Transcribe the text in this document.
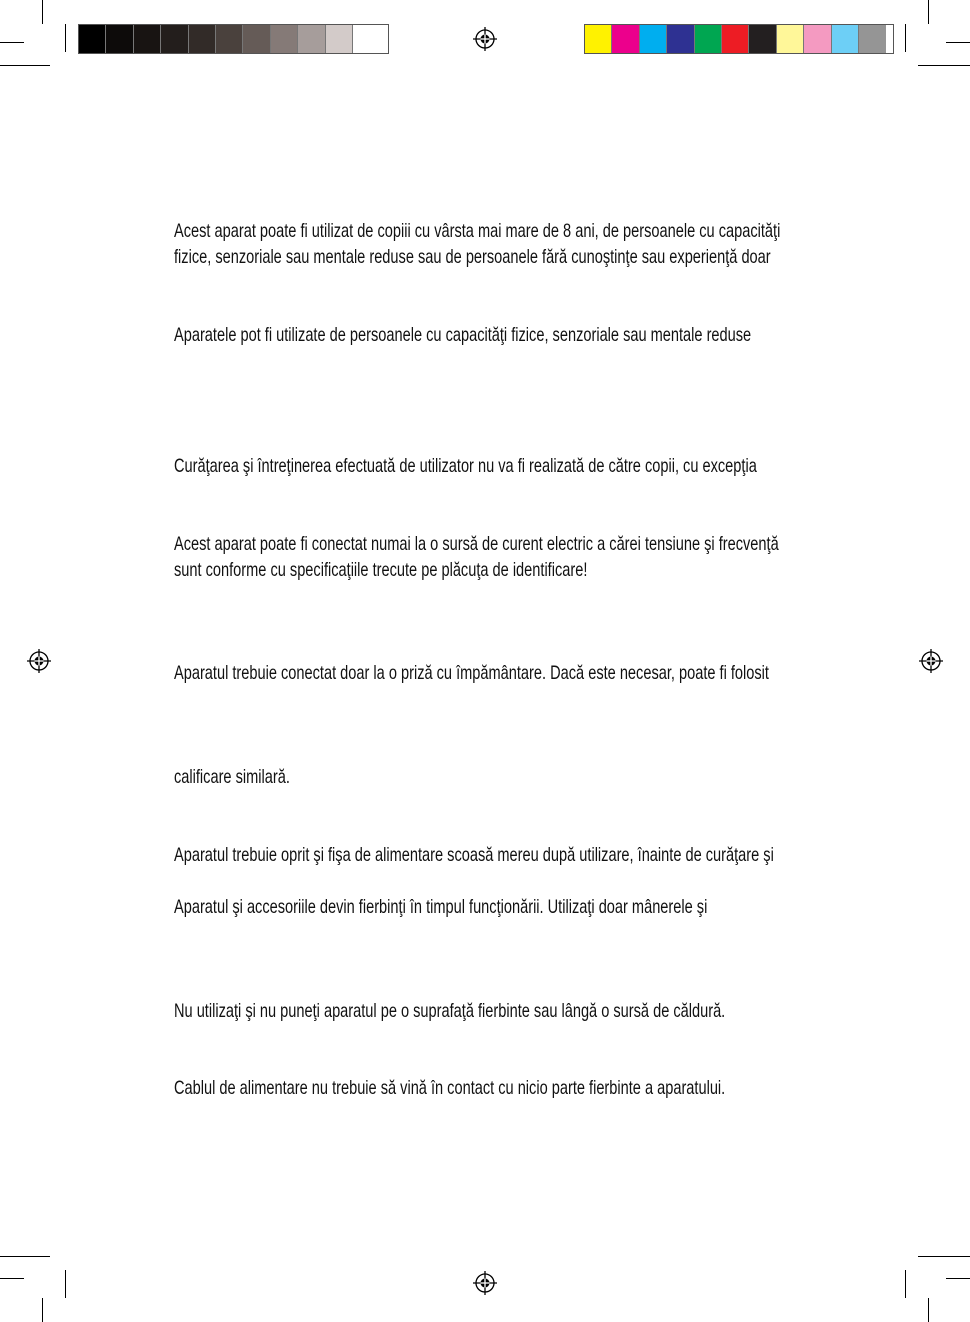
Acest aparat poate fi utilizat de copiii cu vârsta mai mare de 8 ani, de persoanele cu capacităţi
fizice, senzoriale sau mentale reduse sau de persoanele fără cunoştinţe sau experienţă doar

Aparatele pot fi utilizate de persoanele cu capacităţi fizice, senzoriale sau mentale reduse

Curăţarea şi întreţinerea efectuată de utilizator nu va fi realizată de către copii, cu excepţia

Acest aparat poate fi conectat numai la o sursă de curent electric a cărei tensiune şi frecvenţă
sunt conforme cu specificaţiile trecute pe plăcuţa de identificare!

Aparatul trebuie conectat doar la o priză cu împământare. Dacă este necesar, poate fi folosit

calificare similară.

Aparatul trebuie oprit şi fişa de alimentare scoasă mereu după utilizare, înainte de curăţare şi

Aparatul şi accesoriile devin fierbinţi în timpul funcţionării. Utilizaţi doar mânerele şi

Nu utilizaţi şi nu puneţi aparatul pe o suprafaţă fierbinte sau lângă o sursă de căldură.

Cablul de alimentare nu trebuie să vină în contact cu nicio parte fierbinte a aparatului.
